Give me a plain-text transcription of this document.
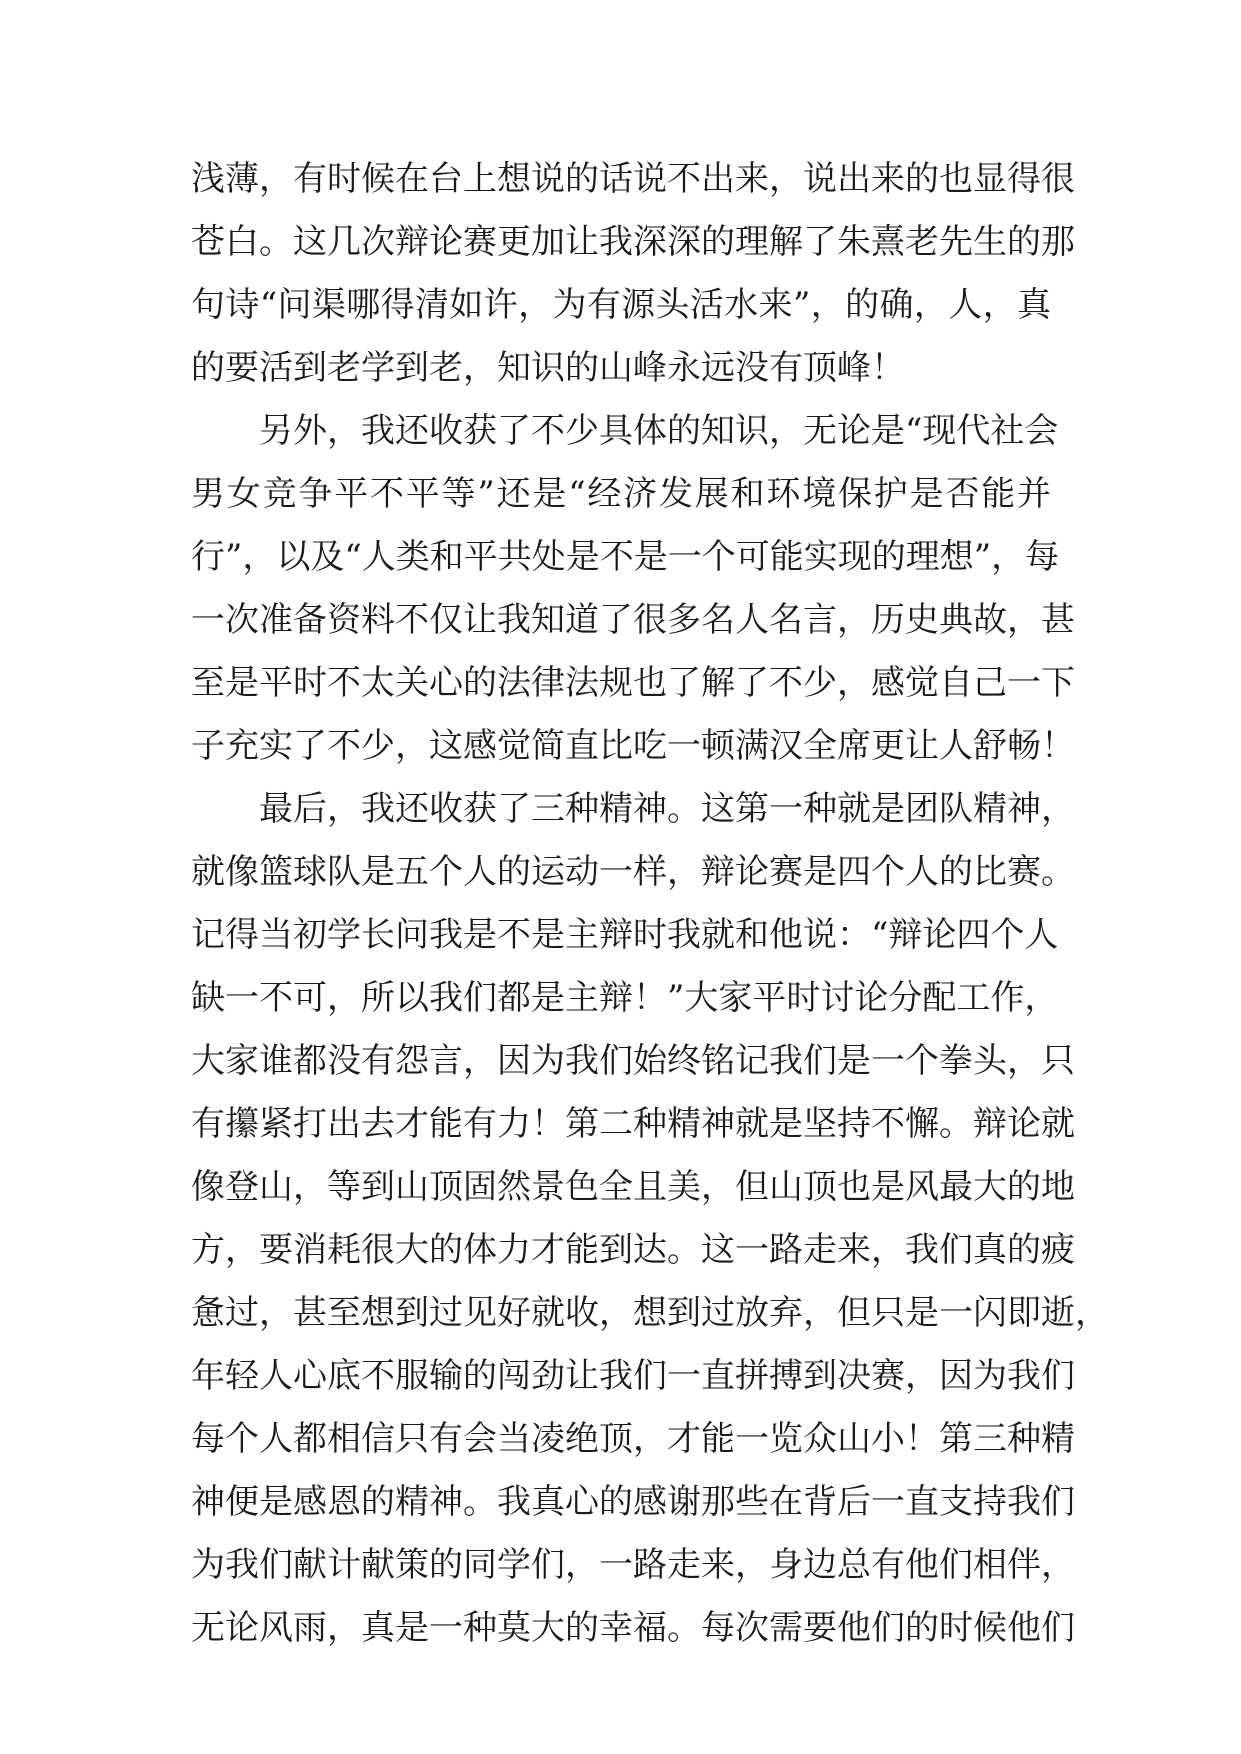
浅薄，有时候在台上想说的话说不出来，说出来的也显得很
苍白。这几次辩论赛更加让我深深的理解了朱熹老先生的那
句诗“问渠哪得清如许，为有源头活水来”，的确，人，真
的要活到老学到老，知识的山峰永远没有顶峰！
另外，我还收获了不少具体的知识，无论是“现代社会
男女竞争平不平等”还是“经济发展和环境保护是否能并
行”，以及“人类和平共处是不是一个可能实现的理想”，每
一次准备资料不仅让我知道了很多名人名言，历史典故，甚
至是平时不太关心的法律法规也了解了不少，感觉自己一下
子充实了不少，这感觉简直比吃一顿满汉全席更让人舒畅！
最后，我还收获了三种精神。这第一种就是团队精神，
就像篮球队是五个人的运动一样，辩论赛是四个人的比赛。
记得当初学长问我是不是主辩时我就和他说：“辩论四个人
缺一不可，所以我们都是主辩！”大家平时讨论分配工作，
大家谁都没有怨言，因为我们始终铭记我们是一个拳头，只
有攥紧打出去才能有力！第二种精神就是坚持不懈。辩论就
像登山，等到山顶固然景色全且美，但山顶也是风最大的地
方，要消耗很大的体力才能到达。这一路走来，我们真的疲
惫过，甚至想到过见好就收，想到过放弃，但只是一闪即逝，
年轻人心底不服输的闯劲让我们一直拼搏到决赛，因为我们
每个人都相信只有会当凌绝顶，才能一览众山小！第三种精
神便是感恩的精神。我真心的感谢那些在背后一直支持我们
为我们献计献策的同学们，一路走来，身边总有他们相伴，
无论风雨，真是一种莫大的幸福。每次需要他们的时候他们
